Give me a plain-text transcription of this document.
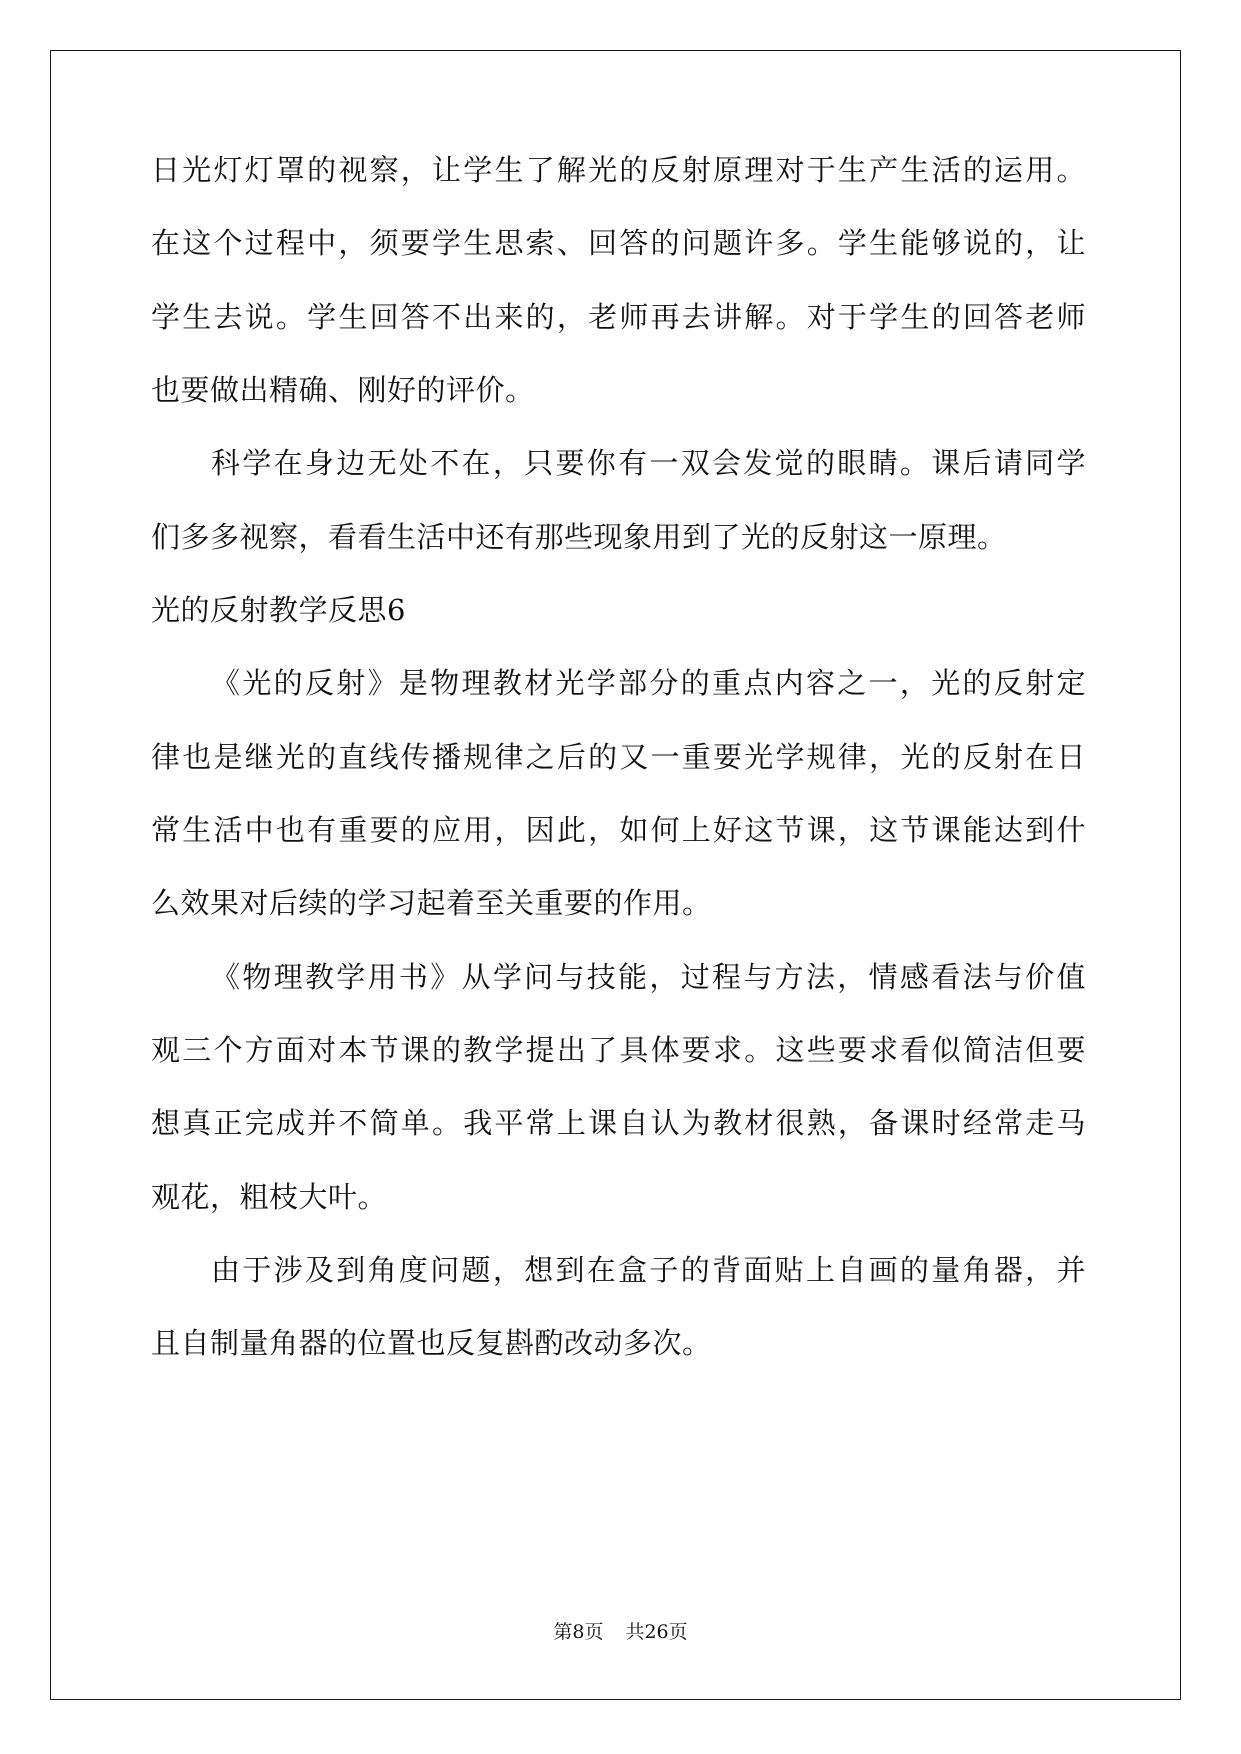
日光灯灯罩的视察，让学生了解光的反射原理对于生产生活的运用。

在这个过程中，须要学生思索、回答的问题许多。学生能够说的，让

学生去说。学生回答不出来的，老师再去讲解。对于学生的回答老师

也要做出精确、刚好的评价。

科学在身边无处不在，只要你有一双会发觉的眼睛。课后请同学

们多多视察，看看生活中还有那些现象用到了光的反射这一原理。

光的反射教学反思6

《光的反射》是物理教材光学部分的重点内容之一，光的反射定

律也是继光的直线传播规律之后的又一重要光学规律，光的反射在日

常生活中也有重要的应用，因此，如何上好这节课，这节课能达到什

么效果对后续的学习起着至关重要的作用。

《物理教学用书》从学问与技能，过程与方法，情感看法与价值

观三个方面对本节课的教学提出了具体要求。这些要求看似简洁但要

想真正完成并不简单。我平常上课自认为教材很熟，备课时经常走马

观花，粗枝大叶。

由于涉及到角度问题，想到在盒子的背面贴上自画的量角器，并

且自制量角器的位置也反复斟酌改动多次。

第8页 共26页
